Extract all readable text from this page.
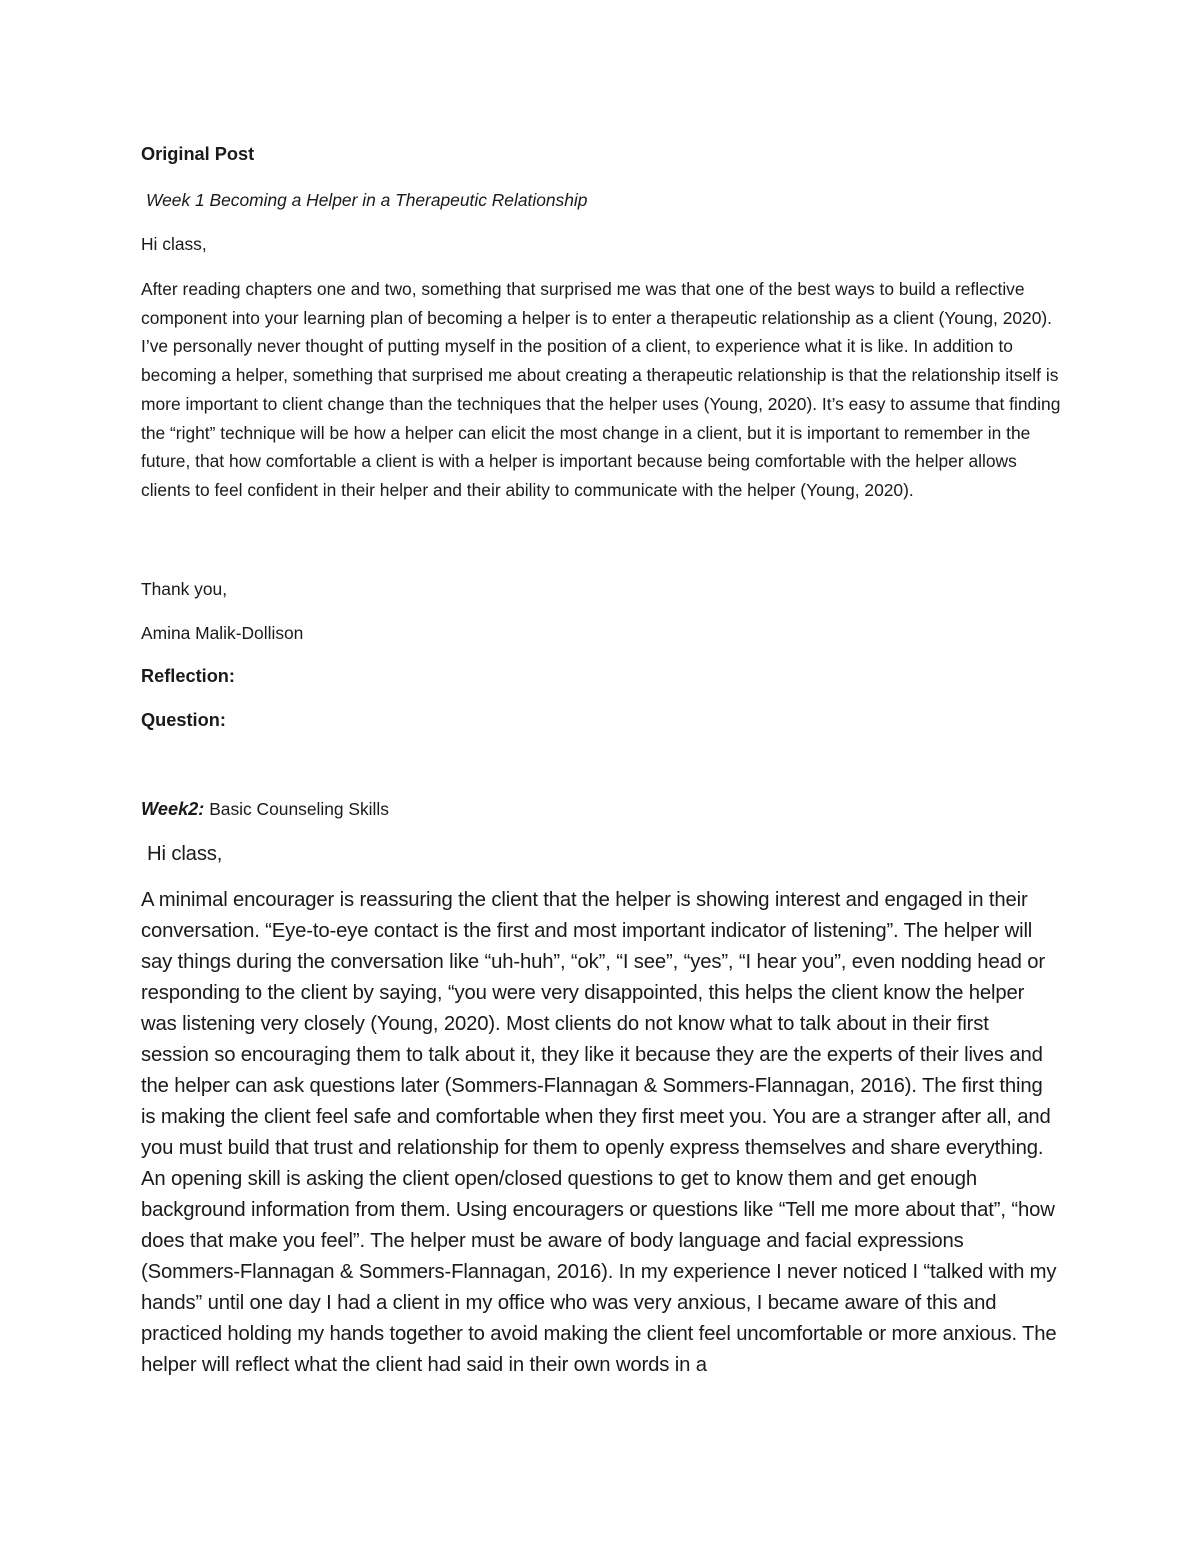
Original Post

Week 1 Becoming a Helper in a Therapeutic Relationship

Hi class,

After reading chapters one and two, something that surprised me was that one of the best ways to build a reflective component into your learning plan of becoming a helper is to enter a therapeutic relationship as a client (Young, 2020). I’ve personally never thought of putting myself in the position of a client, to experience what it is like. In addition to becoming a helper, something that surprised me about creating a therapeutic relationship is that the relationship itself is more important to client change than the techniques that the helper uses (Young, 2020). It’s easy to assume that finding the “right” technique will be how a helper can elicit the most change in a client, but it is important to remember in the future, that how comfortable a client is with a helper is important because being comfortable with the helper allows clients to feel confident in their helper and their ability to communicate with the helper (Young, 2020).

Thank you,

Amina Malik-Dollison

Reflection:

Question:

Week2: Basic Counseling Skills

Hi class,

A minimal encourager is reassuring the client that the helper is showing interest and engaged in their conversation. “Eye-to-eye contact is the first and most important indicator of listening”. The helper will say things during the conversation like “uh-huh”, “ok”, “I see”, “yes”, “I hear you”, even nodding head or responding to the client by saying, “you were very disappointed, this helps the client know the helper was listening very closely (Young, 2020). Most clients do not know what to talk about in their first session so encouraging them to talk about it, they like it because they are the experts of their lives and the helper can ask questions later (Sommers-Flannagan & Sommers-Flannagan, 2016). The first thing is making the client feel safe and comfortable when they first meet you. You are a stranger after all, and you must build that trust and relationship for them to openly express themselves and share everything. An opening skill is asking the client open/closed questions to get to know them and get enough background information from them. Using encouragers or questions like “Tell me more about that”, “how does that make you feel”. The helper must be aware of body language and facial expressions (Sommers-Flannagan & Sommers-Flannagan, 2016). In my experience I never noticed I “talked with my hands” until one day I had a client in my office who was very anxious, I became aware of this and practiced holding my hands together to avoid making the client feel uncomfortable or more anxious. The helper will reflect what the client had said in their own words in a
